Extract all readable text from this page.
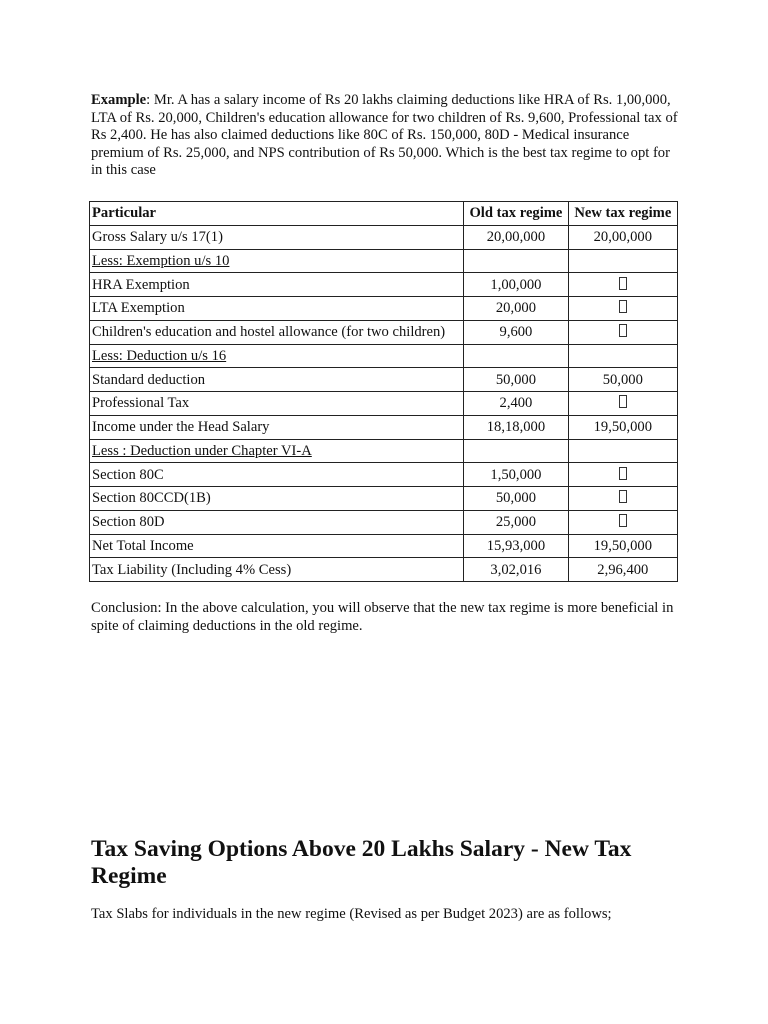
Example: Mr. A has a salary income of Rs 20 lakhs claiming deductions like HRA of Rs. 1,00,000, LTA of Rs. 20,000, Children's education allowance for two children of Rs. 9,600, Professional tax of Rs 2,400. He has also claimed deductions like 80C of Rs. 150,000, 80D - Medical insurance premium of Rs. 25,000, and NPS contribution of Rs 50,000. Which is the best tax regime to opt for in this case

Particular	Old tax regime	New tax regime
Gross Salary u/s 17(1)	20,00,000	20,00,000
Less: Exemption u/s 10		
HRA Exemption	1,00,000	
LTA Exemption	20,000	
Children's education and hostel allowance (for two children)	9,600	
Less: Deduction u/s 16		
Standard deduction	50,000	50,000
Professional Tax	2,400	
Income under the Head Salary	18,18,000	19,50,000
Less : Deduction under Chapter VI-A		
Section 80C	1,50,000	
Section 80CCD(1B)	50,000	
Section 80D	25,000	
Net Total Income	15,93,000	19,50,000
Tax Liability (Including 4% Cess)	3,02,016	2,96,400

Conclusion: In the above calculation, you will observe that the new tax regime is more beneficial in spite of claiming deductions in the old regime.

Tax Saving Options Above 20 Lakhs Salary - New Tax Regime

Tax Slabs for individuals in the new regime (Revised as per Budget 2023) are as follows;
